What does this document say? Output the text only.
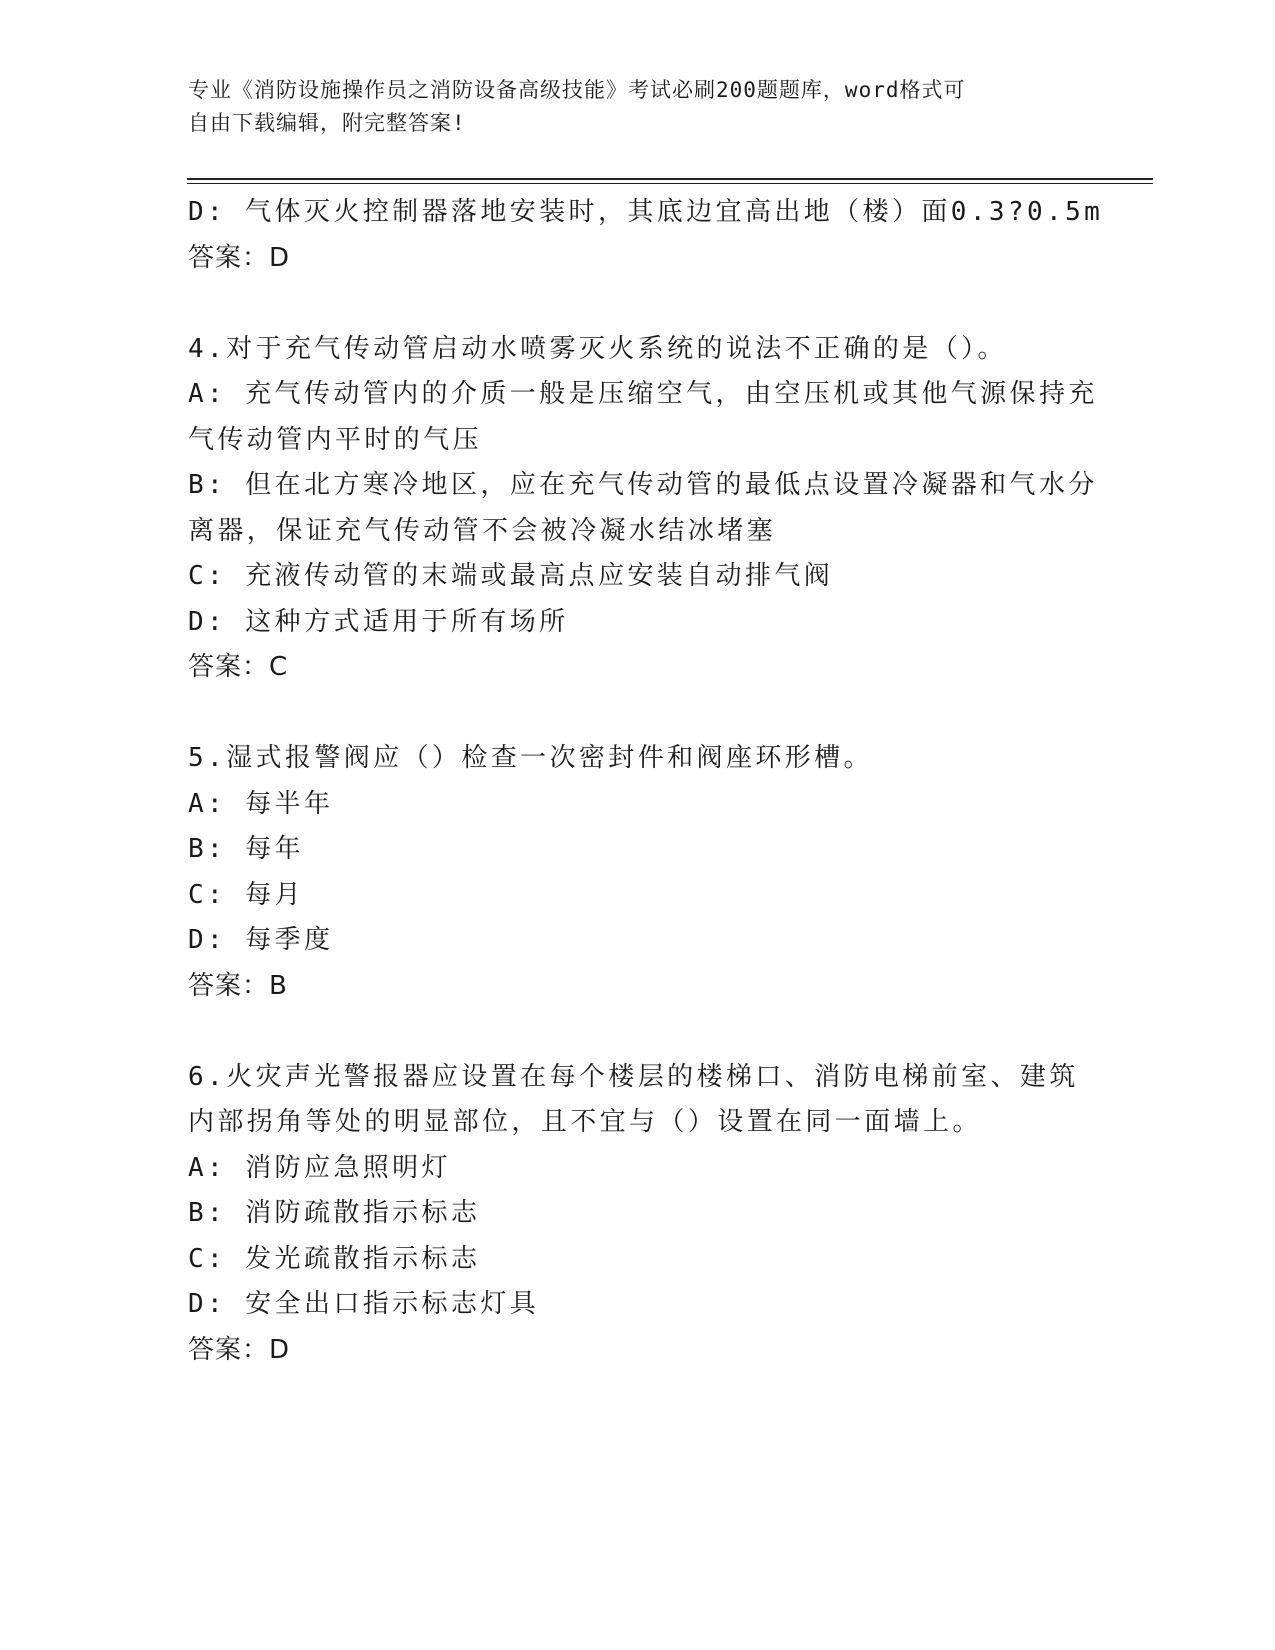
专业《消防设施操作员之消防设备高级技能》考试必刷200题题库，word格式可
自由下载编辑，附完整答案!
D: 气体灭火控制器落地安装时，其底边宜高出地（楼）面0.3?0.5m
答案：D
4.对于充气传动管启动水喷雾灭火系统的说法不正确的是（）。
A: 充气传动管内的介质一般是压缩空气，由空压机或其他气源保持充
气传动管内平时的气压
B: 但在北方寒冷地区，应在充气传动管的最低点设置冷凝器和气水分
离器，保证充气传动管不会被冷凝水结冰堵塞
C: 充液传动管的末端或最高点应安装自动排气阀
D: 这种方式适用于所有场所
答案：C
5.湿式报警阀应（）检查一次密封件和阀座环形槽。
A: 每半年
B: 每年
C: 每月
D: 每季度
答案：B
6.火灾声光警报器应设置在每个楼层的楼梯口、消防电梯前室、建筑
内部拐角等处的明显部位，且不宜与（）设置在同一面墙上。
A: 消防应急照明灯
B: 消防疏散指示标志
C: 发光疏散指示标志
D: 安全出口指示标志灯具
答案：D
